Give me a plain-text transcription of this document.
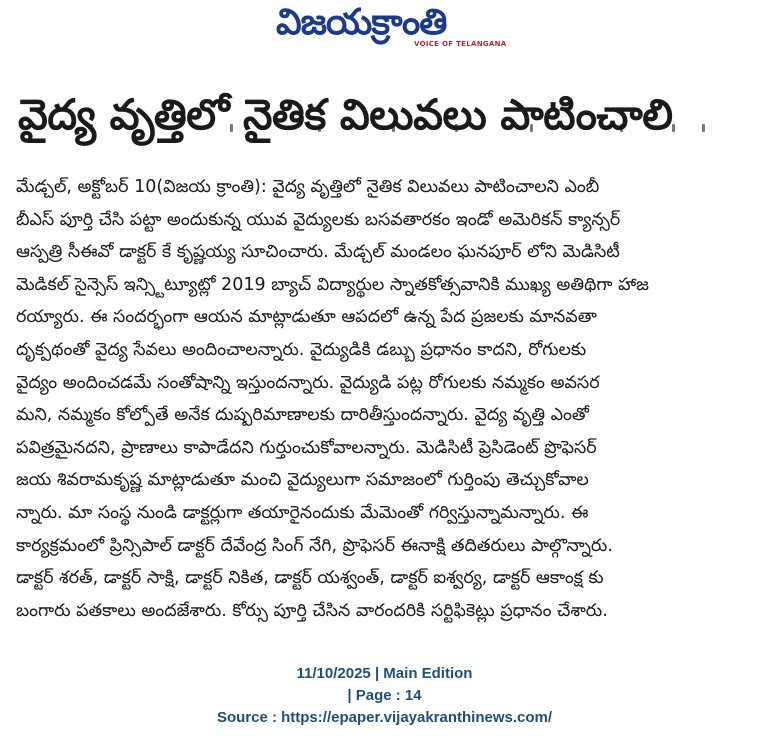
విజయక్రాంతి
VOICE OF TELANGANA
వైద్య వృత్తిలో నైతిక విలువలు పాటించాలి
మేడ్చల్, అక్టోబర్ 10(విజయ క్రాంతి): వైద్య వృత్తిలో నైతిక విలువలు పాటించాలని ఎంబీ
బీఎస్ పూర్తి చేసి పట్టా అందుకున్న యువ వైద్యులకు బసవతారకం ఇండో అమెరికన్ క్యాన్సర్
ఆస్పత్రి సీఈవో డాక్టర్ కే కృష్ణయ్య సూచించారు. మేడ్చల్ మండలం ఘనపూర్ లోని మెడిసిటీ
మెడికల్ సైన్సెస్ ఇన్స్టిట్యూట్లో 2019 బ్యాచ్ విద్యార్థుల స్నాతకోత్సవానికి ముఖ్య అతిథిగా హాజ
రయ్యారు. ఈ సందర్భంగా ఆయన మాట్లాడుతూ ఆపదలో ఉన్న పేద ప్రజలకు మానవతా
దృక్పథంతో వైద్య సేవలు అందించాలన్నారు. వైద్యుడికి డబ్బు ప్రధానం కాదని, రోగులకు
వైద్యం అందించడమే సంతోషాన్ని ఇస్తుందన్నారు. వైద్యుడి పట్ల రోగులకు నమ్మకం అవసర
మని, నమ్మకం కోల్పోతే అనేక దుష్పరిమాణాలకు దారితీస్తుందన్నారు. వైద్య వృత్తి ఎంతో
పవిత్రమైనదని, ప్రాణాలు కాపాడేదని గుర్తుంచుకోవాలన్నారు. మెడిసిటీ ప్రెసిడెంట్ ప్రొఫెసర్
జయ శివరామకృష్ణ మాట్లాడుతూ మంచి వైద్యులుగా సమాజంలో గుర్తింపు తెచ్చుకోవాల
న్నారు. మా సంస్థ నుండి డాక్టర్లుగా తయారైనందుకు మేమెంతో గర్విస్తున్నామన్నారు. ఈ
కార్యక్రమంలో ప్రిన్సిపాల్ డాక్టర్ దేవేంద్ర సింగ్ నేగి, ప్రొఫెసర్ ఈనాక్షి తదితరులు పాల్గొన్నారు.
డాక్టర్ శరత్, డాక్టర్ సాక్షి, డాక్టర్ నికిత, డాక్టర్ యశ్వంత్, డాక్టర్ ఐశ్వర్య, డాక్టర్ ఆకాంక్ష కు
బంగారు పతకాలు అందజేశారు. కోర్సు పూర్తి చేసిన వారందరికి సర్టిఫికెట్లు ప్రధానం చేశారు.
11/10/2025 | Main Edition
| Page : 14
Source : https://epaper.vijayakranthinews.com/
